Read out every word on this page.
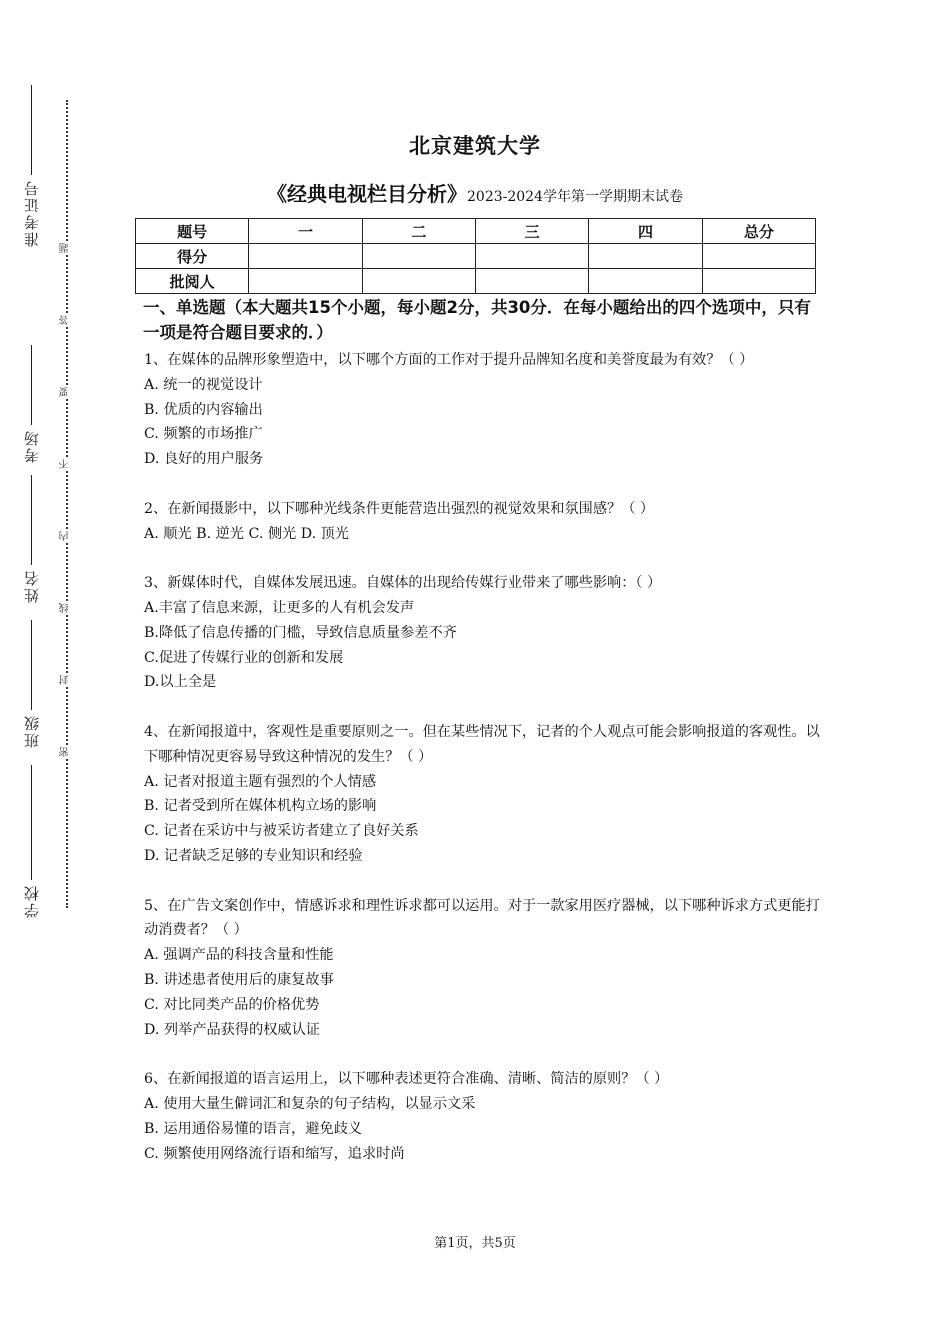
准考证号
考场
姓名
班级
学校
题
答
要
不
内
线
封
密
北京建筑大学
《经典电视栏目分析》2023-2024学年第一学期期末试卷
题号	一	二	三	四	总分
得分					
批阅人					
一、单选题（本大题共15个小题，每小题2分，共30分．在每小题给出的四个选项中，只有一项是符合题目要求的．）

1、在媒体的品牌形象塑造中，以下哪个方面的工作对于提升品牌知名度和美誉度最为有效？（ ）

A. 统一的视觉设计

B. 优质的内容输出

C. 频繁的市场推广

D. 良好的用户服务

2、在新闻摄影中，以下哪种光线条件更能营造出强烈的视觉效果和氛围感？（ ）

A. 顺光 B. 逆光 C. 侧光 D. 顶光

3、新媒体时代，自媒体发展迅速。自媒体的出现给传媒行业带来了哪些影响：（ ）

A.丰富了信息来源，让更多的人有机会发声

B.降低了信息传播的门槛，导致信息质量参差不齐

C.促进了传媒行业的创新和发展

D.以上全是

4、在新闻报道中，客观性是重要原则之一。但在某些情况下，记者的个人观点可能会影响报道的客观性。以下哪种情况更容易导致这种情况的发生？（ ）

A. 记者对报道主题有强烈的个人情感

B. 记者受到所在媒体机构立场的影响

C. 记者在采访中与被采访者建立了良好关系

D. 记者缺乏足够的专业知识和经验

5、在广告文案创作中，情感诉求和理性诉求都可以运用。对于一款家用医疗器械，以下哪种诉求方式更能打动消费者？（ ）

A. 强调产品的科技含量和性能

B. 讲述患者使用后的康复故事

C. 对比同类产品的价格优势

D. 列举产品获得的权威认证

6、在新闻报道的语言运用上，以下哪种表述更符合准确、清晰、简洁的原则？（ ）

A. 使用大量生僻词汇和复杂的句子结构，以显示文采

B. 运用通俗易懂的语言，避免歧义

C. 频繁使用网络流行语和缩写，追求时尚

第1页，共5页
